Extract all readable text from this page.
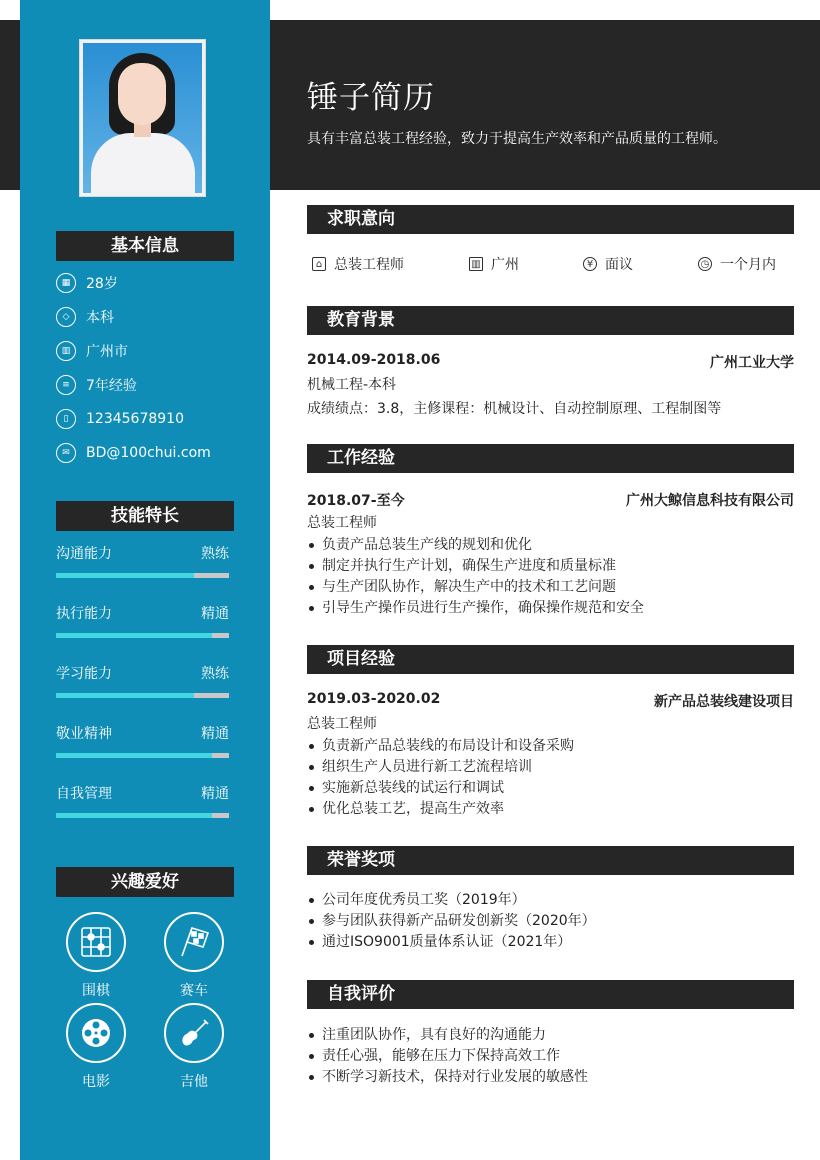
锤子简历
具有丰富总装工程经验，致力于提高生产效率和产品质量的工程师。
基本信息
▦	28岁
◇	本科
▥	广州市
≡	7年经验
▯	12345678910
✉	BD@100chui.com
技能特长
沟通能力	熟练
执行能力	精通
学习能力	熟练
敬业精神	精通
自我管理	精通
兴趣爱好
围棋	赛车
电影	吉他
求职意向
⌂ 总装工程师	▥ 广州	¥ 面议	◷ 一个月内
教育背景
2014.09-2018.06	广州工业大学
机械工程-本科
成绩绩点：3.8，主修课程：机械设计、自动控制原理、工程制图等
工作经验
2018.07-至今	广州大鲸信息科技有限公司
总装工程师
负责产品总装生产线的规划和优化
制定并执行生产计划，确保生产进度和质量标准
与生产团队协作，解决生产中的技术和工艺问题
引导生产操作员进行生产操作，确保操作规范和安全
项目经验
2019.03-2020.02	新产品总装线建设项目
总装工程师
负责新产品总装线的布局设计和设备采购
组织生产人员进行新工艺流程培训
实施新总装线的试运行和调试
优化总装工艺，提高生产效率
荣誉奖项
公司年度优秀员工奖（2019年）
参与团队获得新产品研发创新奖（2020年）
通过ISO9001质量体系认证（2021年）
自我评价
注重团队协作，具有良好的沟通能力
责任心强，能够在压力下保持高效工作
不断学习新技术，保持对行业发展的敏感性
